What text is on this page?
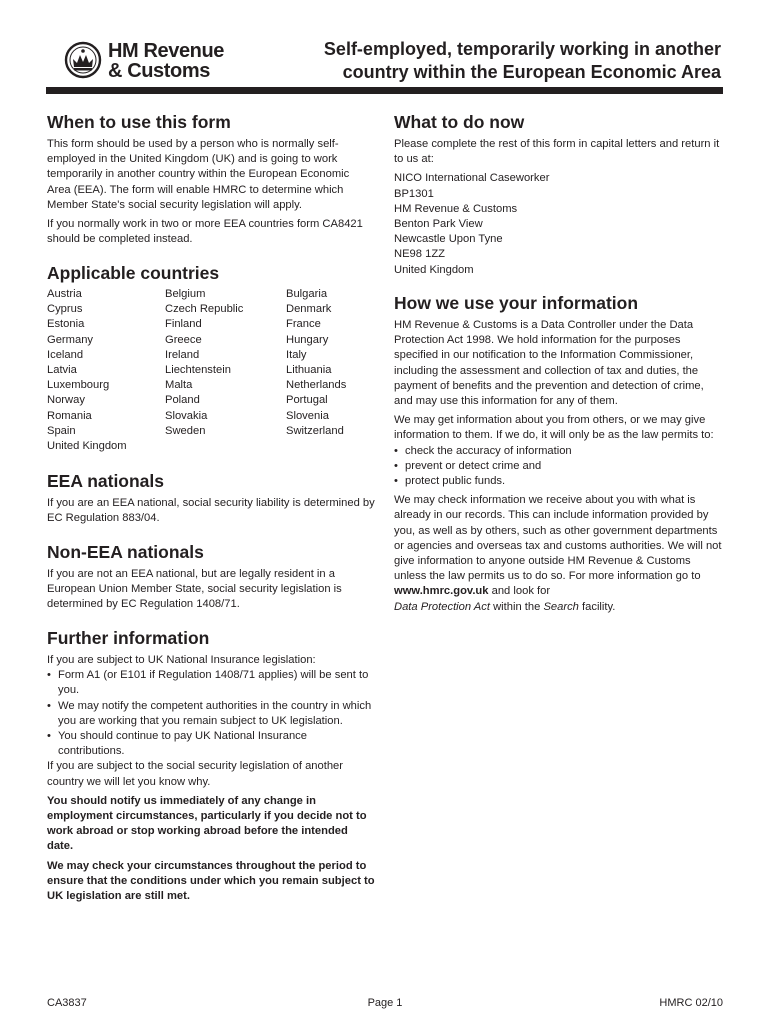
HM Revenue
& Customs
Self-employed, temporarily working in another
country within the European Economic Area
When to use this form

This form should be used by a person who is normally self-employed in the United Kingdom (UK) and is going to work temporarily in another country within the European Economic Area (EEA). The form will enable HMRC to determine which Member State's social security legislation will apply.

If you normally work in two or more EEA countries form CA8421 should be completed instead.

Applicable countries
Austria
Cyprus
Estonia
Germany
Iceland
Latvia
Luxembourg
Norway
Romania
Spain
United Kingdom
Belgium
Czech Republic
Finland
Greece
Ireland
Liechtenstein
Malta
Poland
Slovakia
Sweden
Bulgaria
Denmark
France
Hungary
Italy
Lithuania
Netherlands
Portugal
Slovenia
Switzerland
EEA nationals

If you are an EEA national, social security liability is determined by EC Regulation 883/04.

Non-EEA nationals

If you are not an EEA national, but are legally resident in a European Union Member State, social security legislation is determined by EC Regulation 1408/71.

Further information

If you are subject to UK National Insurance legislation:

• Form A1 (or E101 if Regulation 1408/71 applies) will be sent to you.
• We may notify the competent authorities in the country in which you are working that you remain subject to UK legislation.
• You should continue to pay UK National Insurance contributions.

If you are subject to the social security legislation of another country we will let you know why.

You should notify us immediately of any change in employment circumstances, particularly if you decide not to work abroad or stop working abroad before the intended date.

We may check your circumstances throughout the period to ensure that the conditions under which you remain subject to UK legislation are still met.

What to do now

Please complete the rest of this form in capital letters and return it to us at:

NICO International Caseworker
BP1301
HM Revenue & Customs
Benton Park View
Newcastle Upon Tyne
NE98 1ZZ
United Kingdom
How we use your information

HM Revenue & Customs is a Data Controller under the Data Protection Act 1998. We hold information for the purposes specified in our notification to the Information Commissioner, including the assessment and collection of tax and duties, the payment of benefits and the prevention and detection of crime, and may use this information for any of them.

We may get information about you from others, or we may give information to them. If we do, it will only be as the law permits to:

• check the accuracy of information
• prevent or detect crime and
• protect public funds.

We may check information we receive about you with what is already in our records. This can include information provided by you, as well as by others, such as other government departments or agencies and overseas tax and customs authorities. We will not give information to anyone outside HM Revenue & Customs unless the law permits us to do so. For more information go to www.hmrc.gov.uk and look for
Data Protection Act within the Search facility.

CA3837	Page 1	HMRC 02/10
